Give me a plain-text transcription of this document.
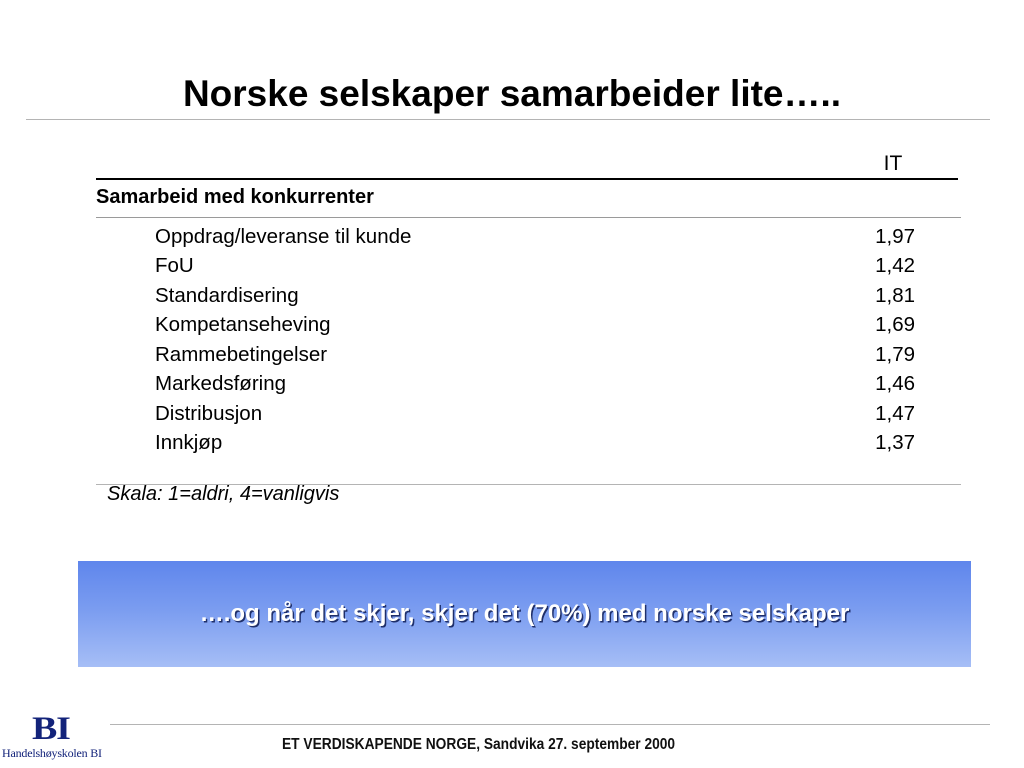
Norske selskaper samarbeider lite…..
IT
Samarbeid med konkurrenter
Oppdrag/leveranse til kunde	1,97
FoU	1,42
Standardisering	1,81
Kompetanseheving	1,69
Rammebetingelser	1,79
Markedsføring	1,46
Distribusjon	1,47
Innkjøp	1,37
Skala: 1=aldri, 4=vanligvis
….og når det skjer, skjer det (70%) med norske selskaper
BI
Handelshøyskolen BI	ET VERDISKAPENDE NORGE, Sandvika 27. september 2000
